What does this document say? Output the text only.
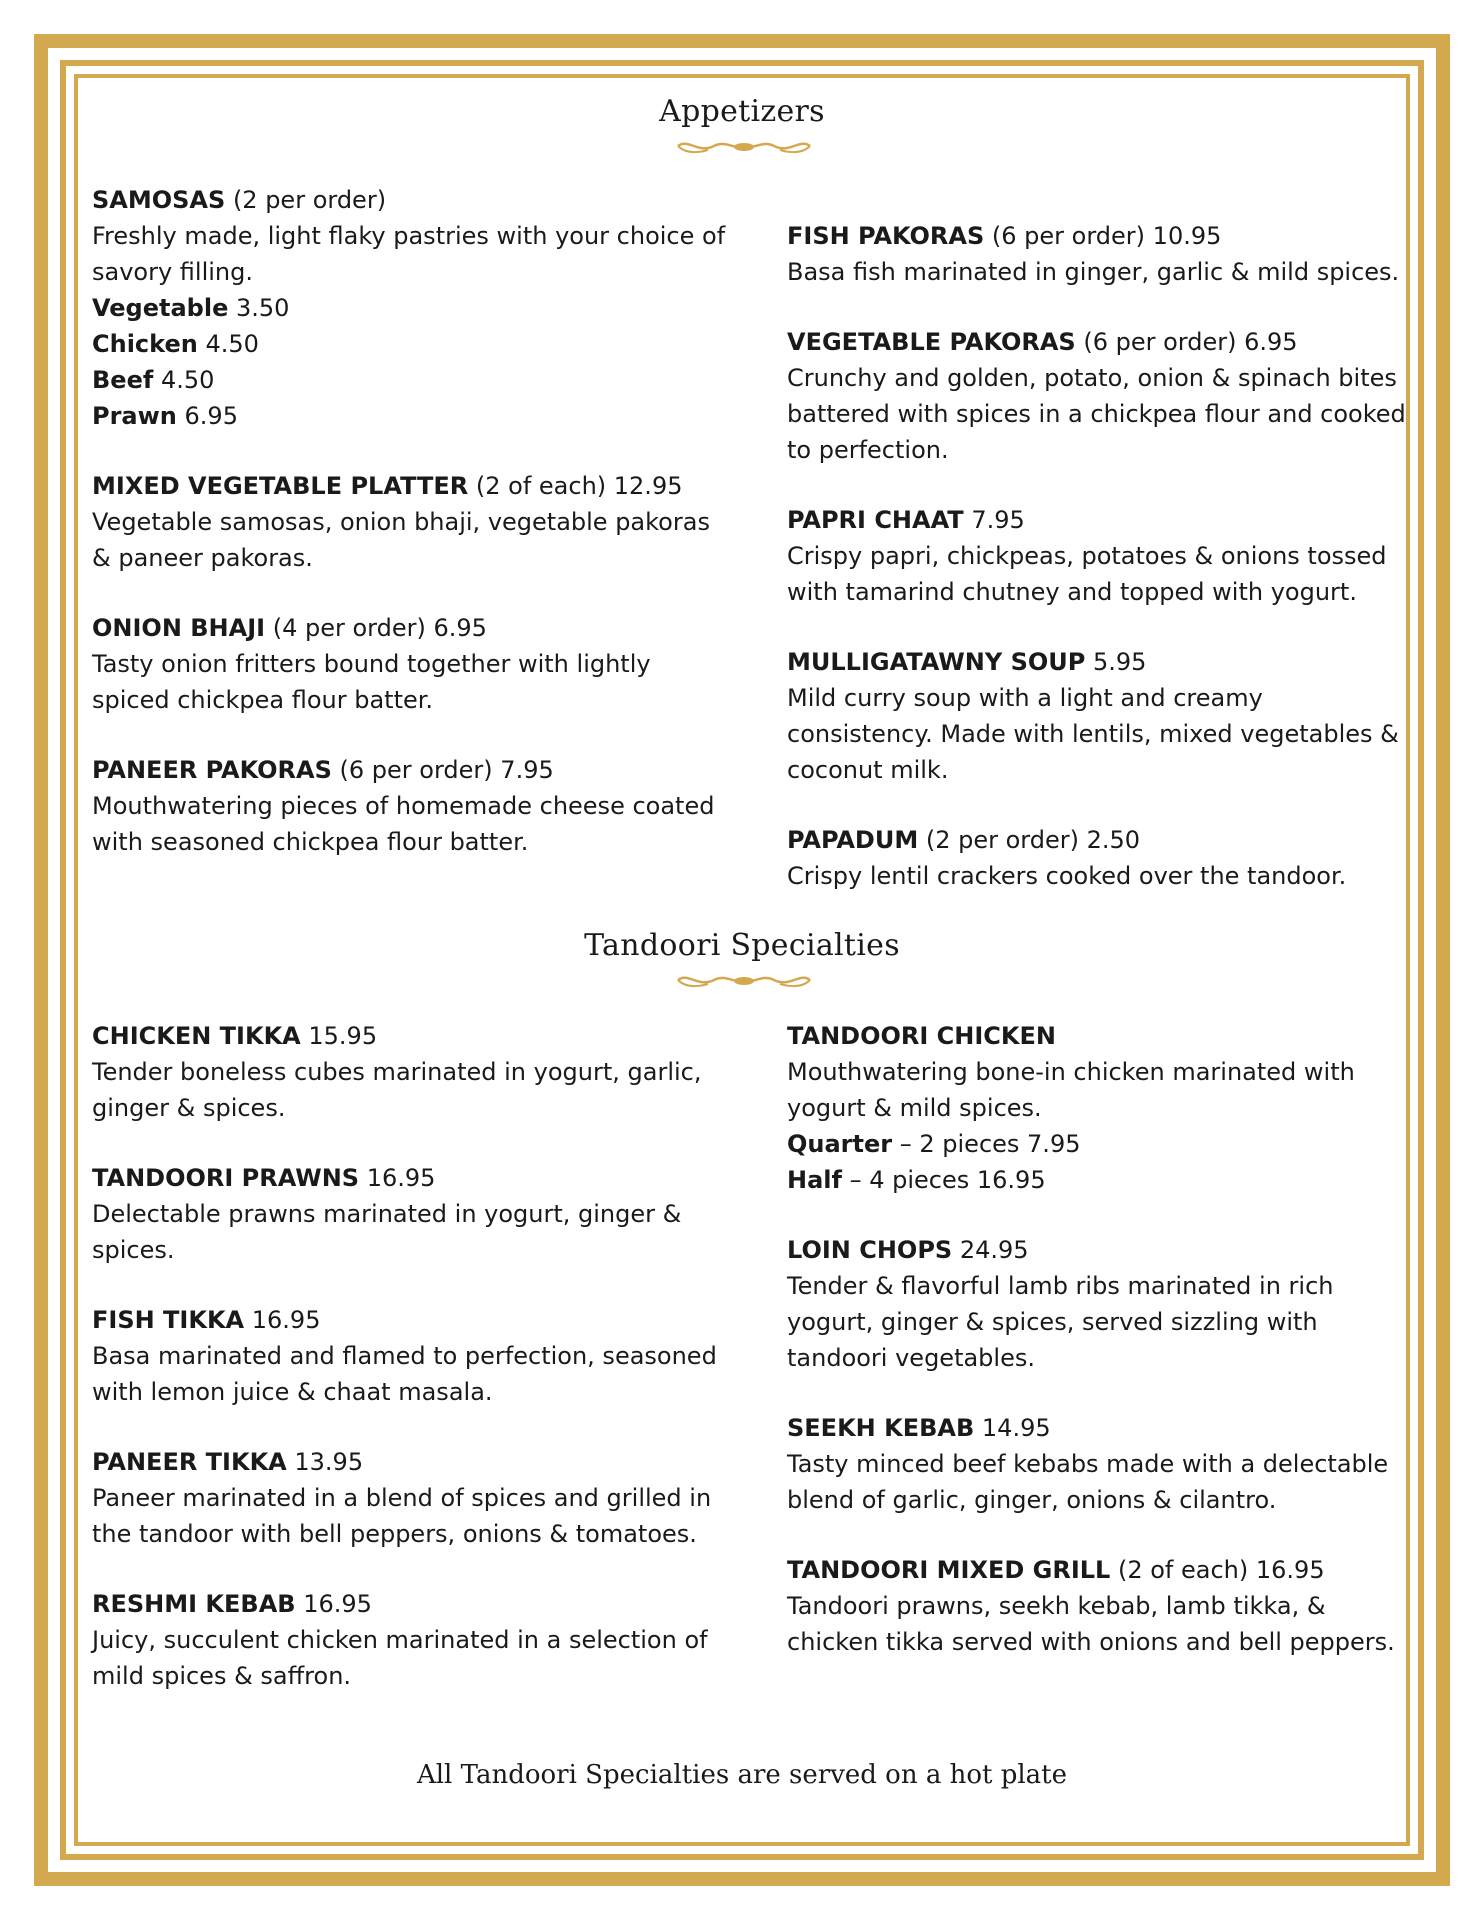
Appetizers

SAMOSAS (2 per order)

Freshly made, light flaky pastries with your choice of savory filling.

Vegetable 3.50

Chicken 4.50

Beef 4.50

Prawn 6.95

MIXED VEGETABLE PLATTER (2 of each) 12.95

Vegetable samosas, onion bhaji, vegetable pakoras & paneer pakoras.

ONION BHAJI (4 per order) 6.95

Tasty onion fritters bound together with lightly spiced chickpea flour batter.

PANEER PAKORAS (6 per order) 7.95

Mouthwatering pieces of homemade cheese coated with seasoned chickpea flour batter.

FISH PAKORAS (6 per order) 10.95

Basa fish marinated in ginger, garlic & mild spices.

VEGETABLE PAKORAS (6 per order) 6.95

Crunchy and golden, potato, onion & spinach bites battered with spices in a chickpea flour and cooked to perfection.

PAPRI CHAAT 7.95

Crispy papri, chickpeas, potatoes & onions tossed with tamarind chutney and topped with yogurt.

MULLIGATAWNY SOUP 5.95

Mild curry soup with a light and creamy consistency. Made with lentils, mixed vegetables & coconut milk.

PAPADUM (2 per order) 2.50

Crispy lentil crackers cooked over the tandoor.

Tandoori Specialties

CHICKEN TIKKA 15.95

Tender boneless cubes marinated in yogurt, garlic, ginger & spices.

TANDOORI PRAWNS 16.95

Delectable prawns marinated in yogurt, ginger & spices.

FISH TIKKA 16.95

Basa marinated and flamed to perfection, seasoned with lemon juice & chaat masala.

PANEER TIKKA 13.95

Paneer marinated in a blend of spices and grilled in the tandoor with bell peppers, onions & tomatoes.

RESHMI KEBAB 16.95

Juicy, succulent chicken marinated in a selection of mild spices & saffron.

TANDOORI CHICKEN

Mouthwatering bone-in chicken marinated with yogurt & mild spices.

Quarter – 2 pieces 7.95

Half – 4 pieces 16.95

LOIN CHOPS 24.95

Tender & flavorful lamb ribs marinated in rich yogurt, ginger & spices, served sizzling with tandoori vegetables.

SEEKH KEBAB 14.95

Tasty minced beef kebabs made with a delectable blend of garlic, ginger, onions & cilantro.

TANDOORI MIXED GRILL (2 of each) 16.95

Tandoori prawns, seekh kebab, lamb tikka, & chicken tikka served with onions and bell peppers.

All Tandoori Specialties are served on a hot plate
